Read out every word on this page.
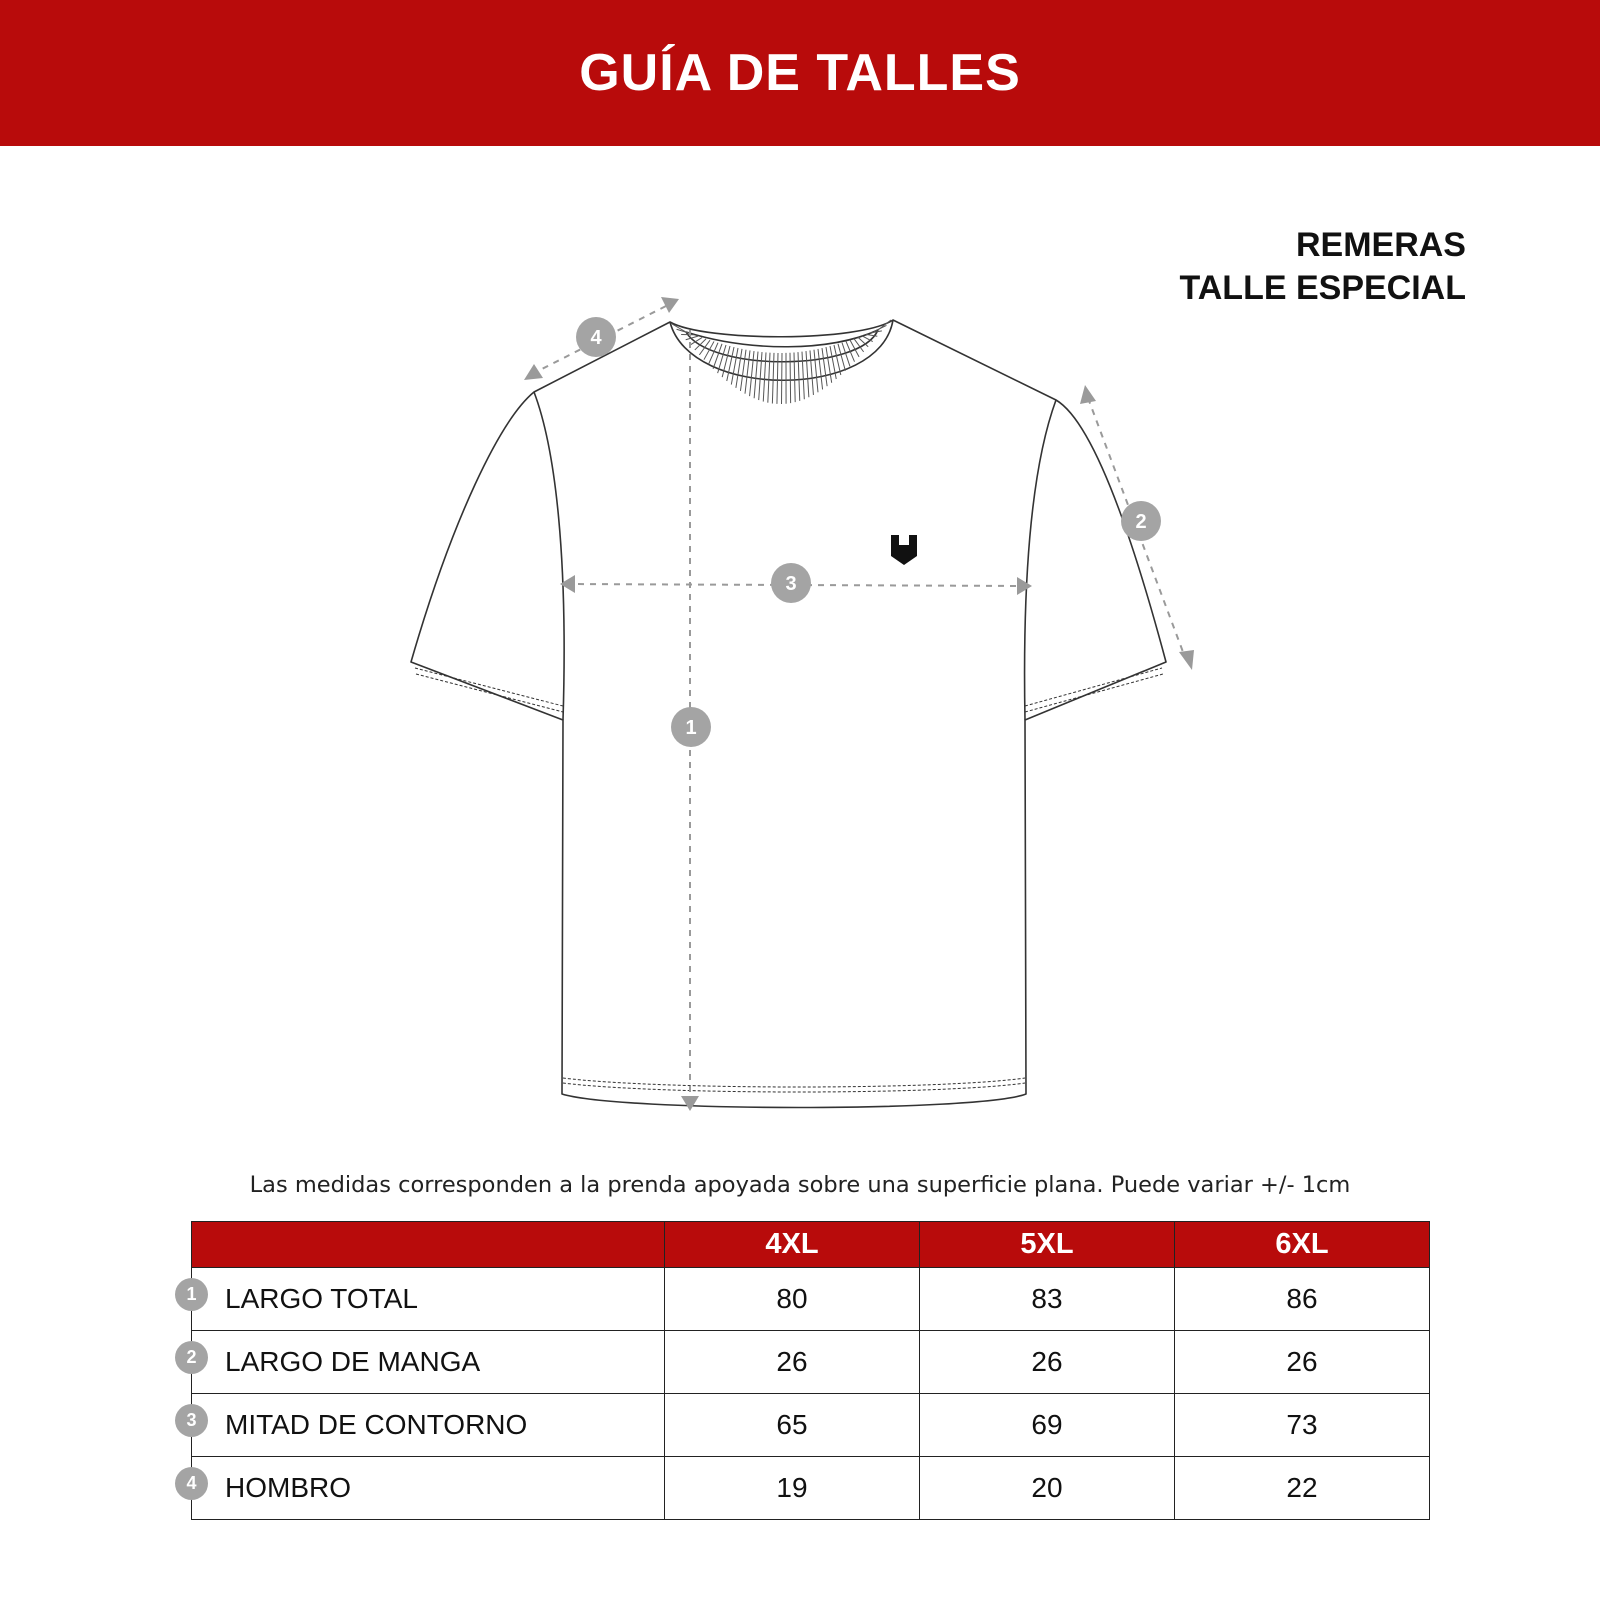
GUÍA DE TALLES
REMERAS
TALLE ESPECIAL
1
2
3
4
Las medidas corresponden a la prenda apoyada sobre una superficie plana. Puede variar +/- 1cm
	4XL	5XL	6XL

1 LARGO TOTAL	80	83	86

2 LARGO DE MANGA	26	26	26

3 MITAD DE CONTORNO	65	69	73

4 HOMBRO	19	20	22
